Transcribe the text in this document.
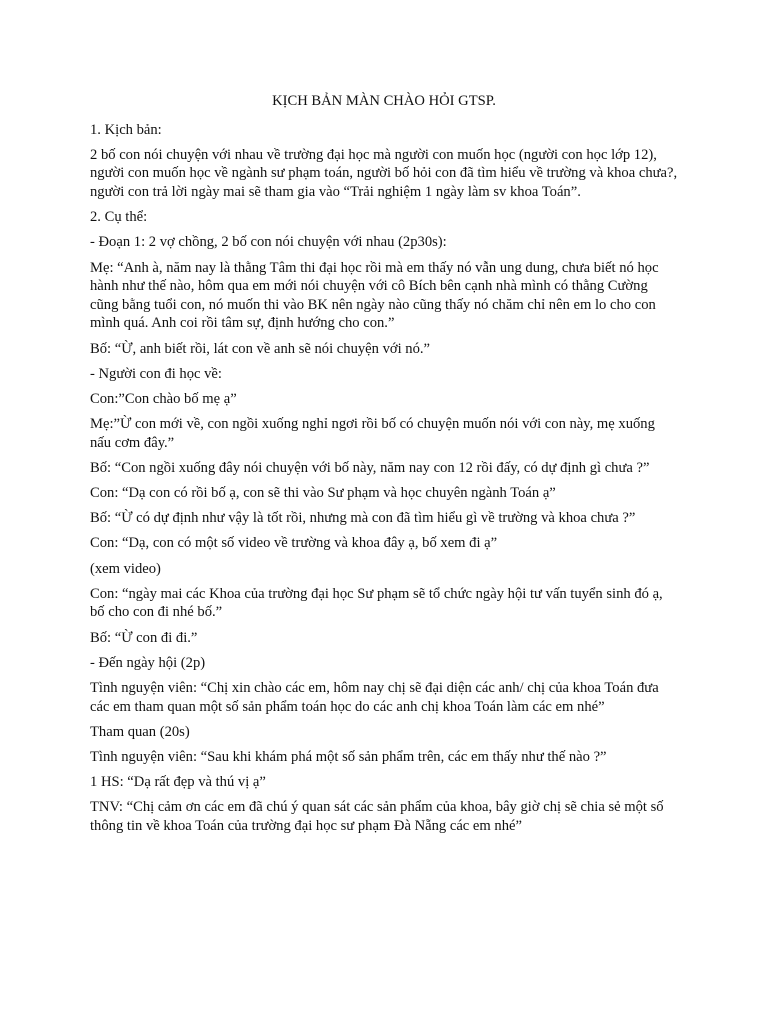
KỊCH BẢN MÀN CHÀO HỎI GTSP.
1. Kịch bản:
2 bố con nói chuyện với nhau về trường đại học mà người con muốn học (người con học lớp 12), người con muốn học về ngành sư phạm toán, người bố hỏi con đã tìm hiểu về trường và khoa chưa?, người con trả lời ngày mai sẽ tham gia vào “Trải nghiệm 1 ngày làm sv khoa Toán”.
2. Cụ thể:
- Đoạn 1: 2 vợ chồng, 2 bố con nói chuyện với nhau (2p30s):
Mẹ: “Anh à, năm nay là thằng Tâm thi đại học rồi mà em thấy nó vẫn ung dung, chưa biết nó học hành như thế nào, hôm qua em mới nói chuyện với cô Bích bên cạnh nhà mình có thằng Cường cũng bằng tuổi con, nó muốn thi vào BK nên ngày nào cũng thấy nó chăm chỉ nên em lo cho con mình quá. Anh coi rồi tâm sự, định hướng cho con.”
Bố: “Ừ, anh biết rồi, lát con về anh sẽ nói chuyện với nó.”
- Người con đi học về:
Con:”Con chào bố mẹ ạ”
Mẹ:”Ừ con mới về, con ngồi xuống nghỉ ngơi rồi bố có chuyện muốn nói với con này, mẹ xuống nấu cơm đây.”
Bố: “Con ngồi xuống đây nói chuyện với bố này, năm nay con 12 rồi đấy, có dự định gì chưa ?”
Con: “Dạ con có rồi bố ạ, con sẽ thi vào Sư phạm và học chuyên ngành Toán ạ”
Bố: “Ừ có dự định như vậy là tốt rồi, nhưng mà con đã tìm hiểu gì về trường và khoa chưa ?”
Con: “Dạ, con có một số video về trường và khoa đây ạ, bố xem đi ạ”
(xem video)
Con: “ngày mai các Khoa của trường đại học Sư phạm sẽ tổ chức ngày hội tư vấn tuyển sinh đó ạ, bố cho con đi nhé bố.”
Bố: “Ừ con đi đi.”
- Đến ngày hội (2p)
Tình nguyện viên: “Chị xin chào các em, hôm nay chị sẽ đại diện các anh/ chị của khoa Toán đưa các em tham quan một số sản phẩm toán học do các anh chị khoa Toán làm các em nhé”
Tham quan (20s)
Tình nguyện viên: “Sau khi khám phá một số sản phẩm trên, các em thấy như thế nào ?”
1 HS: “Dạ rất đẹp và thú vị ạ”
TNV: “Chị cảm ơn các em đã chú ý quan sát các sản phẩm của khoa, bây giờ chị sẽ chia sẻ một số thông tin về khoa Toán của trường đại học sư phạm Đà Nẵng các em nhé”
